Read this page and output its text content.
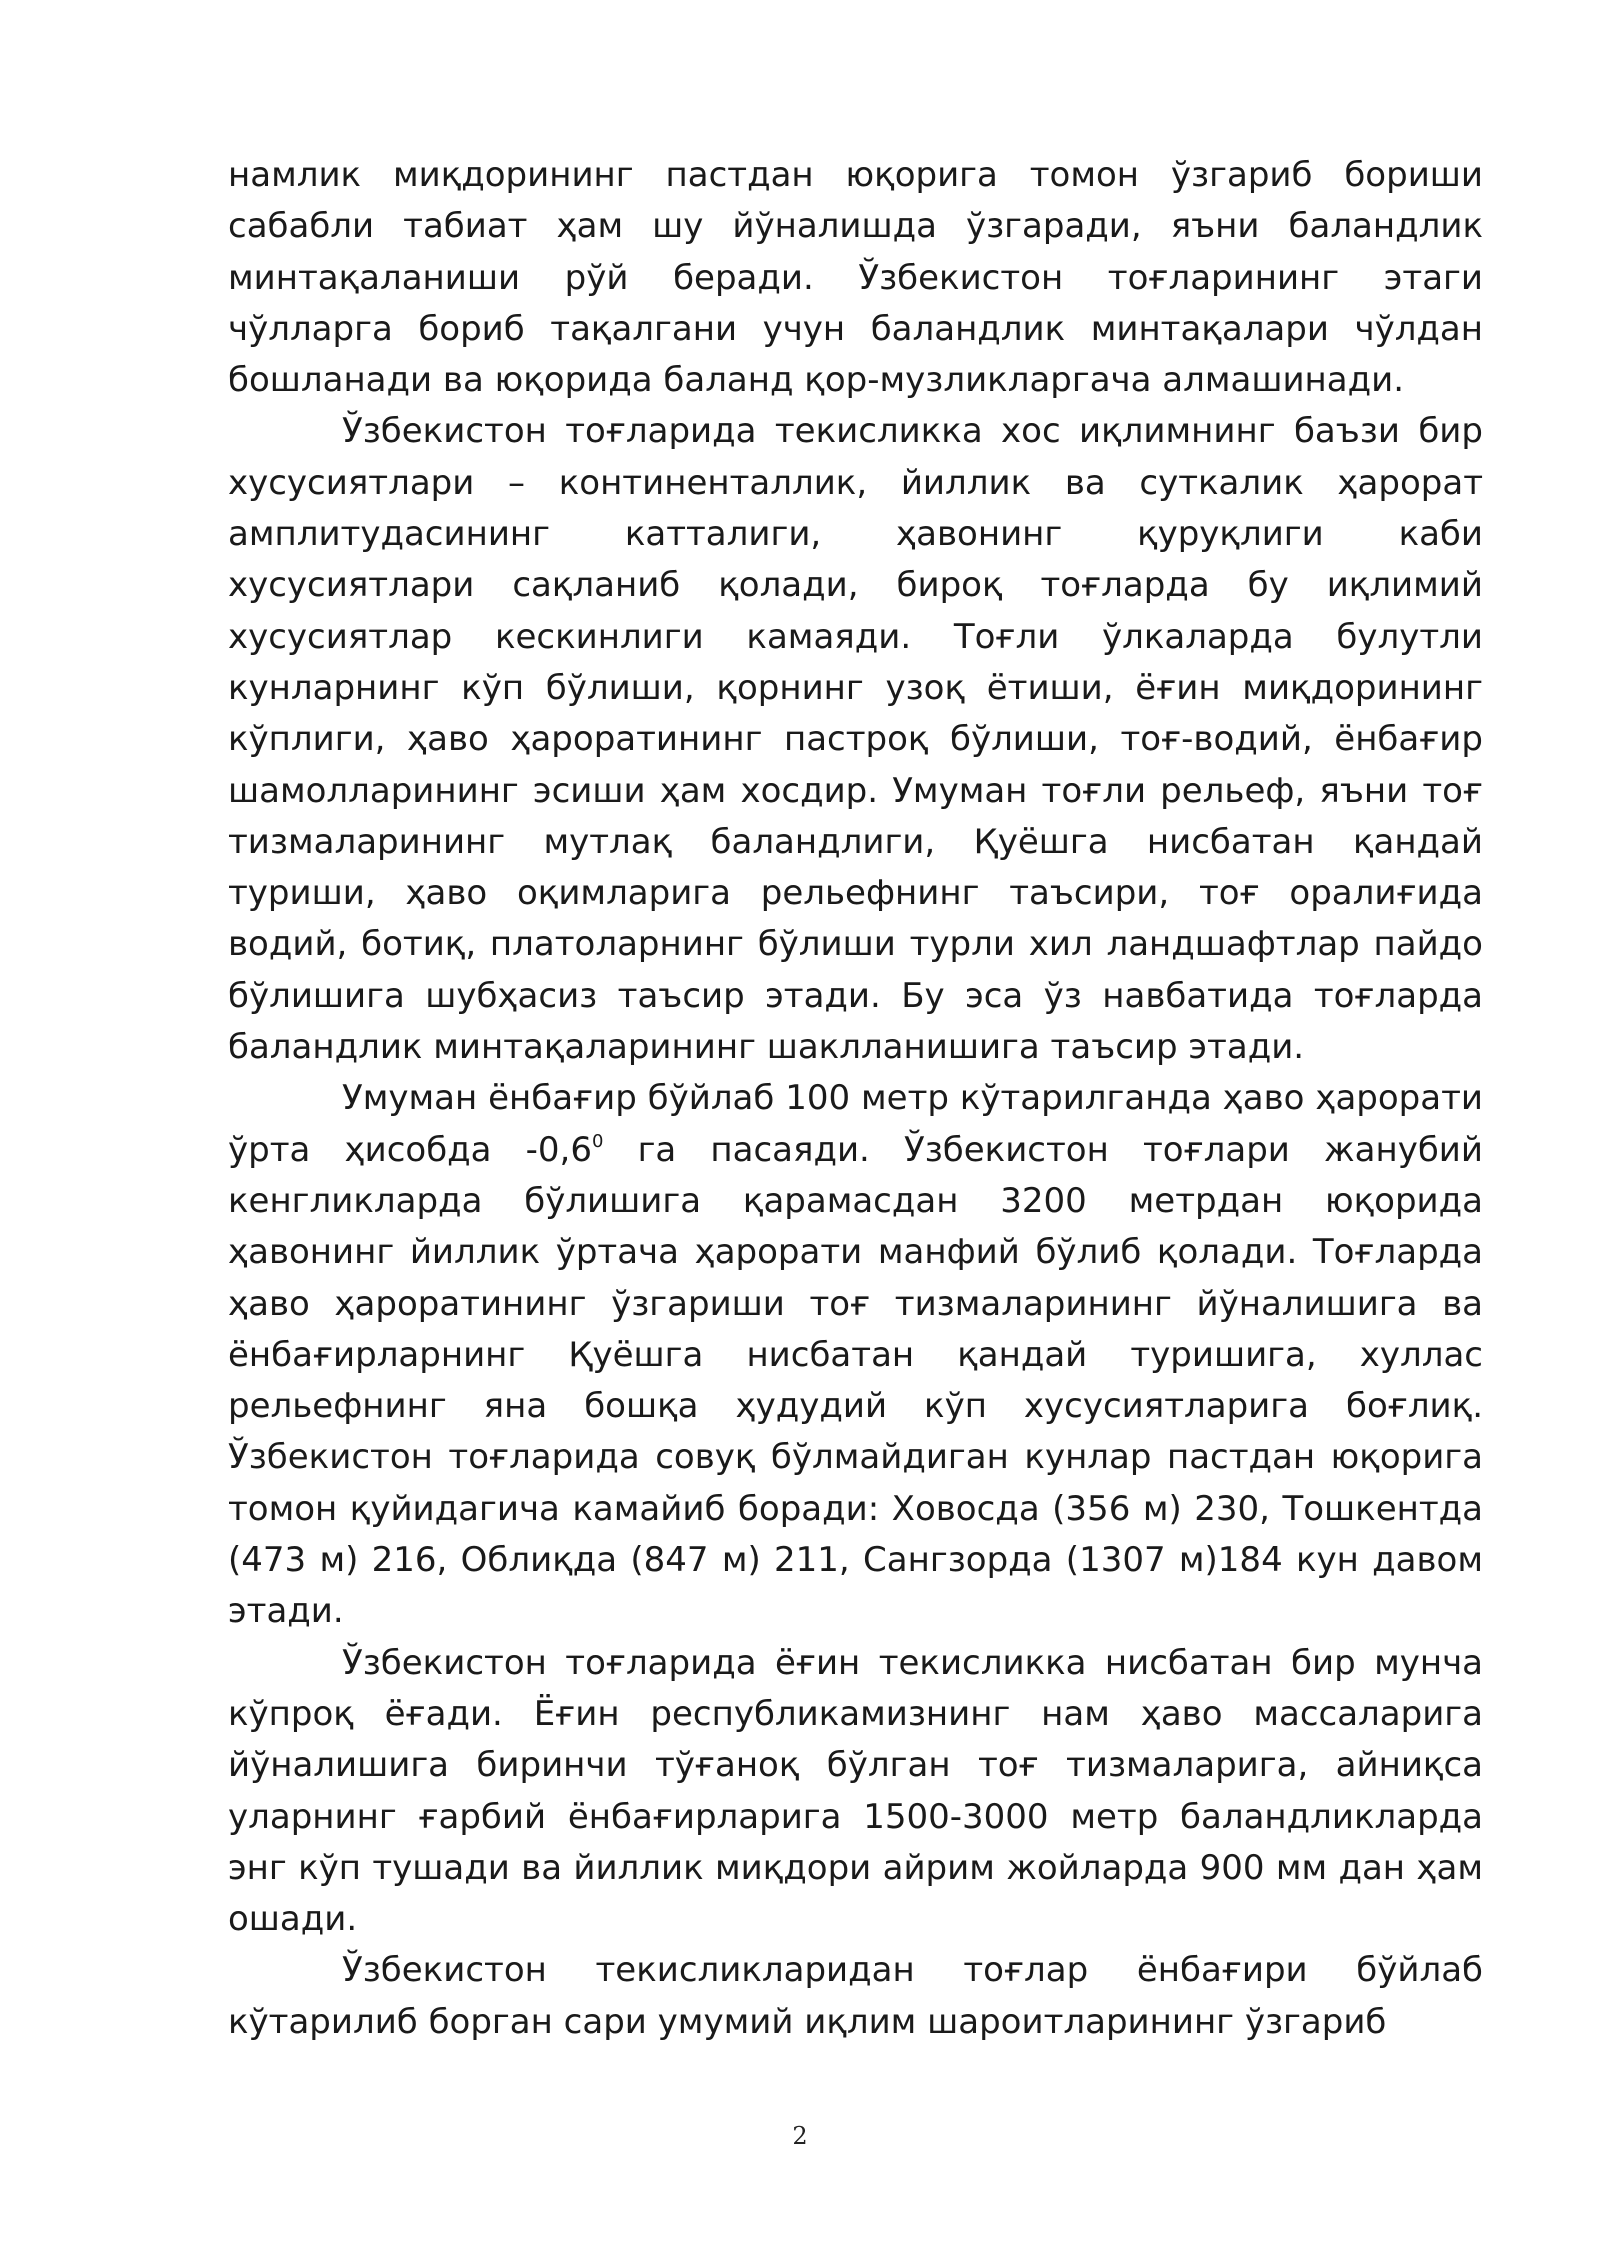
намлик миқдорининг пастдан юқорига томон ўзгариб бориши сабабли табиат ҳам шу йўналишда ўзгаради, яъни баландлик минтақаланиши рўй беради. Ўзбекистон тоғларининг этаги чўлларга бориб тақалгани учун баландлик минтақалари чўлдан бошланади ва юқорида баланд қор-музликларгача алмашинади.

Ўзбекистон тоғларида текисликка хос иқлимнинг баъзи бир хусусиятлари – континенталлик, йиллик ва суткалик ҳарорат амплитудасининг катталиги, ҳавонинг қуруқлиги каби хусусиятлари сақланиб қолади, бироқ тоғларда бу иқлимий хусусиятлар кескинлиги камаяди. Тоғли ўлкаларда булутли кунларнинг кўп бўлиши, қорнинг узоқ ётиши, ёғин миқдорининг кўплиги, ҳаво ҳароратининг пастроқ бўлиши, тоғ-водий, ёнбағир шамолларининг эсиши ҳам хосдир. Умуман тоғли рельеф, яъни тоғ тизмаларининг мутлақ баландлиги, Қуёшга нисбатан қандай туриши, ҳаво оқимларига рельефнинг таъсири, тоғ оралиғида водий, ботиқ, платоларнинг бўлиши турли хил ландшафтлар пайдо бўлишига шубҳасиз таъсир этади. Бу эса ўз навбатида тоғларда баландлик минтақаларининг шаклланишига таъсир этади.

Умуман ёнбағир бўйлаб 100 метр кўтарилганда ҳаво ҳарорати ўрта ҳисобда $-0,6^0$ га пасаяди. Ўзбекистон тоғлари жанубий кенгликларда бўлишига қарамасдан 3200 метрдан юқорида ҳавонинг йиллик ўртача ҳарорати манфий бўлиб қолади. Тоғларда ҳаво ҳароратининг ўзгариши тоғ тизмаларининг йўналишига ва ёнбағирларнинг Қуёшга нисбатан қандай туришига, хуллас рельефнинг яна бошқа ҳудудий кўп хусусиятларига боғлиқ. Ўзбекистон тоғларида совуқ бўлмайдиган кунлар пастдан юқорига томон қуйидагича камайиб боради: Ховосда (356 м) 230, Тошкентда (473 м) 216, Облиқда (847 м) 211, Сангзорда (1307 м)184 кун давом этади.

Ўзбекистон тоғларида ёғин текисликка нисбатан бир мунча кўпроқ ёғади. Ёғин республикамизнинг нам ҳаво массаларига йўналишига биринчи тўғаноқ бўлган тоғ тизмаларига, айниқса уларнинг ғарбий ёнбағирларига 1500-3000 метр баландликларда энг кўп тушади ва йиллик миқдори айрим жойларда 900 мм дан ҳам ошади.

Ўзбекистон текисликларидан тоғлар ёнбағири бўйлаб кўтарилиб борган сари умумий иқлим шароитларининг ўзгариб

2
